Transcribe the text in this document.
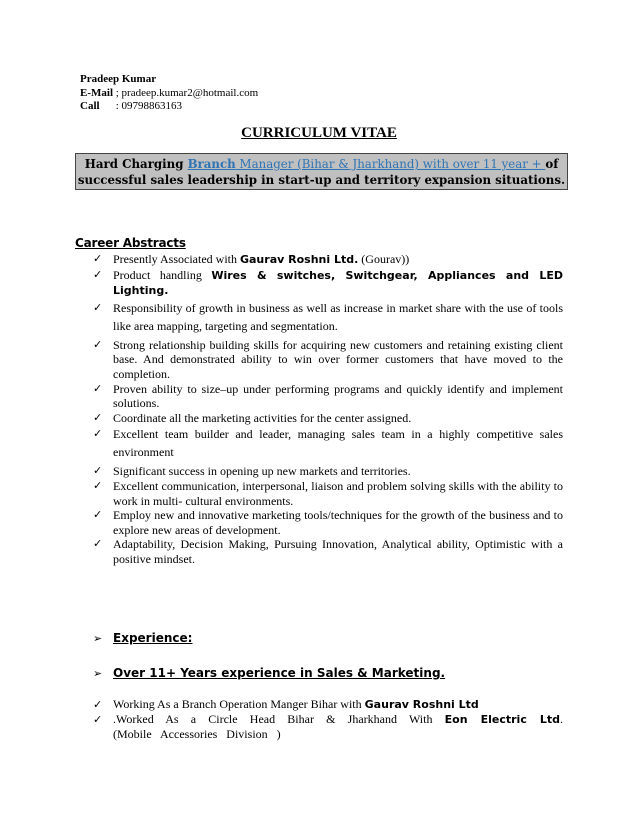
Pradeep Kumar
E-Mail ; pradeep.kumar2@hotmail.com
Call : 09798863163
CURRICULUM VITAE
Hard Charging Branch Manager (Bihar & Jharkhand) with over 11 year + of
successful sales leadership in start-up and territory expansion situations.
Career Abstracts
✓ Presently Associated with Gaurav Roshni Ltd. (Gourav))
✓ Product handling Wires & switches, Switchgear, Appliances and LED Lighting.
✓ Responsibility of growth in business as well as increase in market share with the use of tools like area mapping, targeting and segmentation.
✓ Strong relationship building skills for acquiring new customers and retaining existing client base. And demonstrated ability to win over former customers that have moved to the completion.
✓ Proven ability to size–up under performing programs and quickly identify and implement solutions.
✓ Coordinate all the marketing activities for the center assigned.
✓ Excellent team builder and leader, managing sales team in a highly competitive sales environment
✓ Significant success in opening up new markets and territories.
✓ Excellent communication, interpersonal, liaison and problem solving skills with the ability to work in multi- cultural environments.
✓ Employ new and innovative marketing tools/techniques for the growth of the business and to explore new areas of development.
✓ Adaptability, Decision Making, Pursuing Innovation, Analytical ability, Optimistic with a positive mindset.
➢ Experience:
➢ Over 11+ Years experience in Sales & Marketing.
✓ Working As a Branch Operation Manger Bihar with Gaurav Roshni Ltd
✓ .Worked As a Circle Head Bihar & Jharkhand With Eon Electric Ltd. (Mobile Accessories Division )
